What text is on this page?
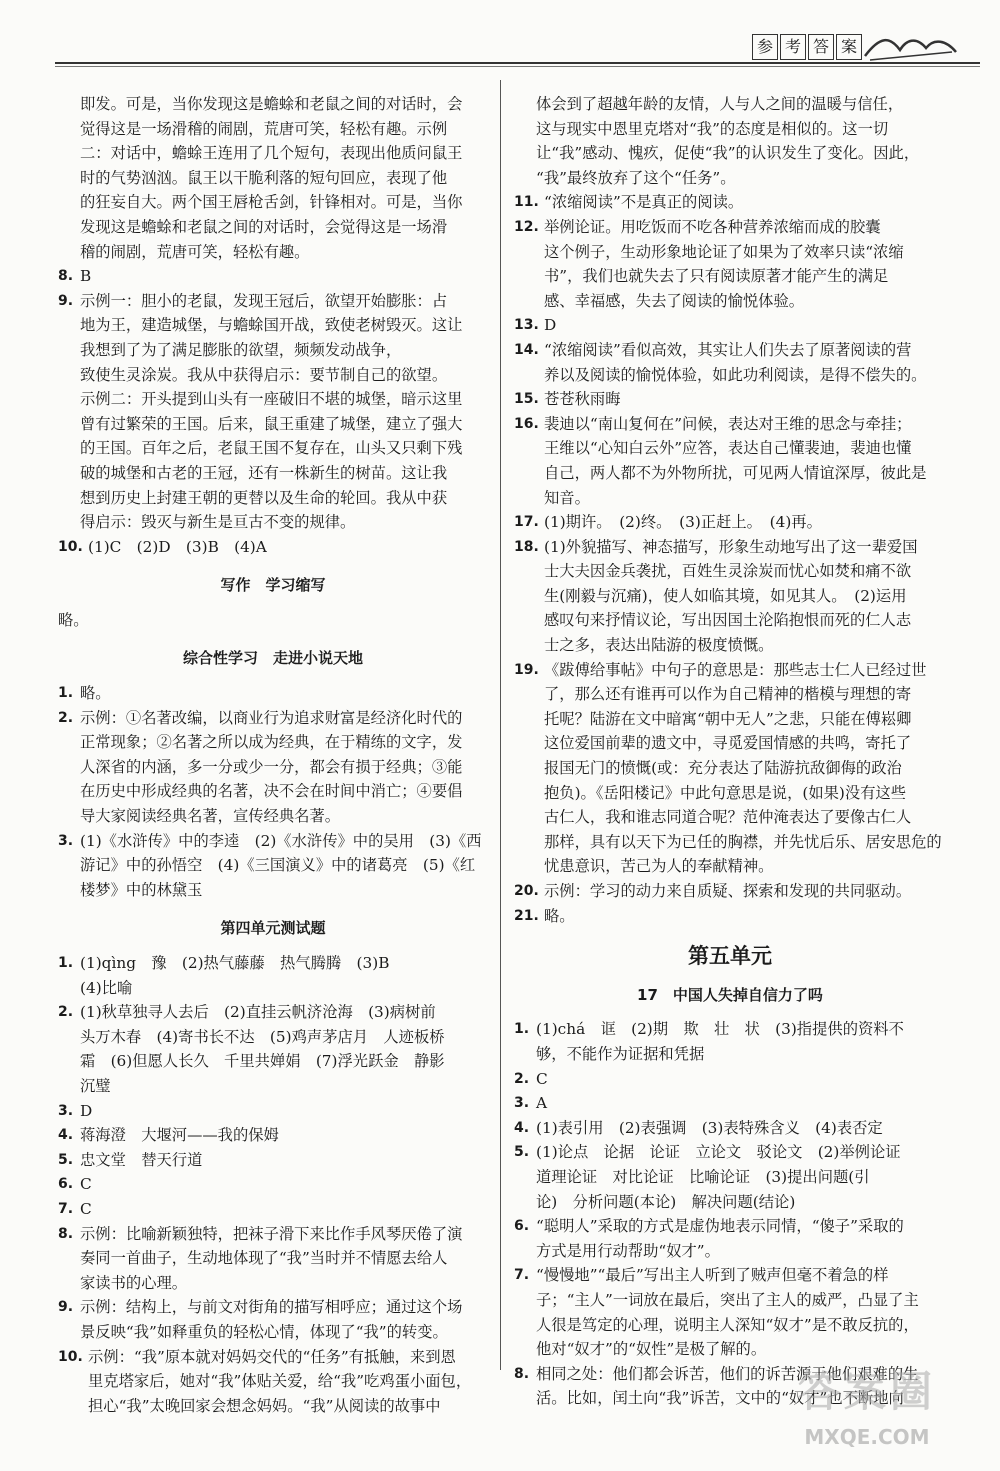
参 考 答 案
即发。可是，当你发现这是蟾蜍和老鼠之间的对话时，会
觉得这是一场滑稽的闹剧，荒唐可笑，轻松有趣。示例
二：对话中，蟾蜍王连用了几个短句，表现出他质问鼠王
时的气势汹汹。鼠王以干脆利落的短句回应，表现了他
的狂妄自大。两个国王唇枪舌剑，针锋相对。可是，当你
发现这是蟾蜍和老鼠之间的对话时，会觉得这是一场滑
稽的闹剧，荒唐可笑，轻松有趣。
8. B
9. 示例一：胆小的老鼠，发现王冠后，欲望开始膨胀：占
地为王，建造城堡，与蟾蜍国开战，致使老树毁灭。这让
我想到了为了满足膨胀的欲望，频频发动战争，
致使生灵涂炭。我从中获得启示：要节制自己的欲望。
示例二：开头提到山头有一座破旧不堪的城堡，暗示这里
曾有过繁荣的王国。后来，鼠王重建了城堡，建立了强大
的王国。百年之后，老鼠王国不复存在，山头又只剩下残
破的城堡和古老的王冠，还有一株新生的树苗。这让我
想到历史上封建王朝的更替以及生命的轮回。我从中获
得启示：毁灭与新生是亘古不变的规律。
10. (1)C　(2)D　(3)B　(4)A
写作　学习缩写
略。
综合性学习　走进小说天地
1. 略。
2. 示例：①名著改编，以商业行为追求财富是经济化时代的
正常现象；②名著之所以成为经典，在于精练的文字，发
人深省的内涵，多一分或少一分，都会有损于经典；③能
在历史中形成经典的名著，决不会在时间中消亡；④要倡
导大家阅读经典名著，宣传经典名著。
3. (1)《水浒传》中的李逵　(2)《水浒传》中的吴用　(3)《西
游记》中的孙悟空　(4)《三国演义》中的诸葛亮　(5)《红
楼梦》中的林黛玉
第四单元测试题
1. (1)qìng　豫　(2)热气藤藤　热气腾腾　(3)B
(4)比喻
2. (1)秋草独寻人去后　(2)直挂云帆济沧海　(3)病树前
头万木春　(4)寄书长不达　(5)鸡声茅店月　人迹板桥
霜　(6)但愿人长久　千里共婵娟　(7)浮光跃金　静影
沉璧
3. D
4. 蒋海澄　大堰河——我的保姆
5. 忠文堂　替天行道
6. C
7. C
8. 示例：比喻新颖独特，把袜子滑下来比作手风琴厌倦了演
奏同一首曲子，生动地体现了“我”当时并不情愿去给人
家读书的心理。
9. 示例：结构上，与前文对街角的描写相呼应；通过这个场
景反映“我”如释重负的轻松心情，体现了“我”的转变。
10. 示例：“我”原本就对妈妈交代的“任务”有抵触，来到恩
里克塔家后，她对“我”体贴关爱，给“我”吃鸡蛋小面包，
担心“我”太晚回家会想念妈妈。“我”从阅读的故事中
体会到了超越年龄的友情，人与人之间的温暖与信任，
这与现实中恩里克塔对“我”的态度是相似的。这一切
让“我”感动、愧疚，促使“我”的认识发生了变化。因此，
“我”最终放弃了这个“任务”。
11. “浓缩阅读”不是真正的阅读。
12. 举例论证。用吃饭而不吃各种营养浓缩而成的胶囊
这个例子，生动形象地论证了如果为了效率只读“浓缩
书”，我们也就失去了只有阅读原著才能产生的满足
感、幸福感，失去了阅读的愉悦体验。
13. D
14. “浓缩阅读”看似高效，其实让人们失去了原著阅读的营
养以及阅读的愉悦体验，如此功利阅读，是得不偿失的。
15. 苍苍秋雨晦
16. 裴迪以“南山复何在”问候，表达对王维的思念与牵挂；
王维以“心知白云外”应答，表达自己懂裴迪，裴迪也懂
自己，两人都不为外物所扰，可见两人情谊深厚，彼此是
知音。
17. (1)期许。　(2)终。　(3)正赶上。　(4)再。
18. (1)外貌描写、神态描写，形象生动地写出了这一辈爱国
士大夫因金兵袭扰，百姓生灵涂炭而忧心如焚和痛不欲
生(刚毅与沉痛)，使人如临其境，如见其人。　(2)运用
感叹句来抒情议论，写出因国土沦陷抱恨而死的仁人志
士之多，表达出陆游的极度愤慨。
19. 《跋傅给事帖》中句子的意思是：那些志士仁人已经过世
了，那么还有谁再可以作为自己精神的楷模与理想的寄
托呢？陆游在文中暗寓“朝中无人”之悲，只能在傅崧卿
这位爱国前辈的遗文中，寻觅爱国情感的共鸣，寄托了
报国无门的愤慨(或：充分表达了陆游抗敌御侮的政治
抱负)。《岳阳楼记》中此句意思是说，(如果)没有这些
古仁人，我和谁志同道合呢？范仲淹表达了要像古仁人
那样，具有以天下为已任的胸襟，并先忧后乐、居安思危的
忧患意识，苦己为人的奉献精神。
20. 示例：学习的动力来自质疑、探索和发现的共同驱动。
21. 略。
第五单元
17　中国人失掉自信力了吗
1. (1)chá　诓　(2)期　欺　壮　状　(3)指提供的资料不
够，不能作为证据和凭据
2. C
3. A
4. (1)表引用　(2)表强调　(3)表特殊含义　(4)表否定
5. (1)论点　论据　论证　立论文　驳论文　(2)举例论证
道理论证　对比论证　比喻论证　(3)提出问题(引
论)　分析问题(本论)　解决问题(结论)
6. “聪明人”采取的方式是虚伪地表示同情，“傻子”采取的
方式是用行动帮助“奴才”。
7. “慢慢地”“最后”写出主人听到了贼声但毫不着急的样
子；“主人”一词放在最后，突出了主人的威严，凸显了主
人很是笃定的心理，说明主人深知“奴才”是不敢反抗的，
他对“奴才”的“奴性”是极了解的。
8. 相同之处：他们都会诉苦，他们的诉苦源于他们艰难的生
活。比如，闰土向“我”诉苦，文中的“奴才”也不断地向
答案圈
MXQE.COM
